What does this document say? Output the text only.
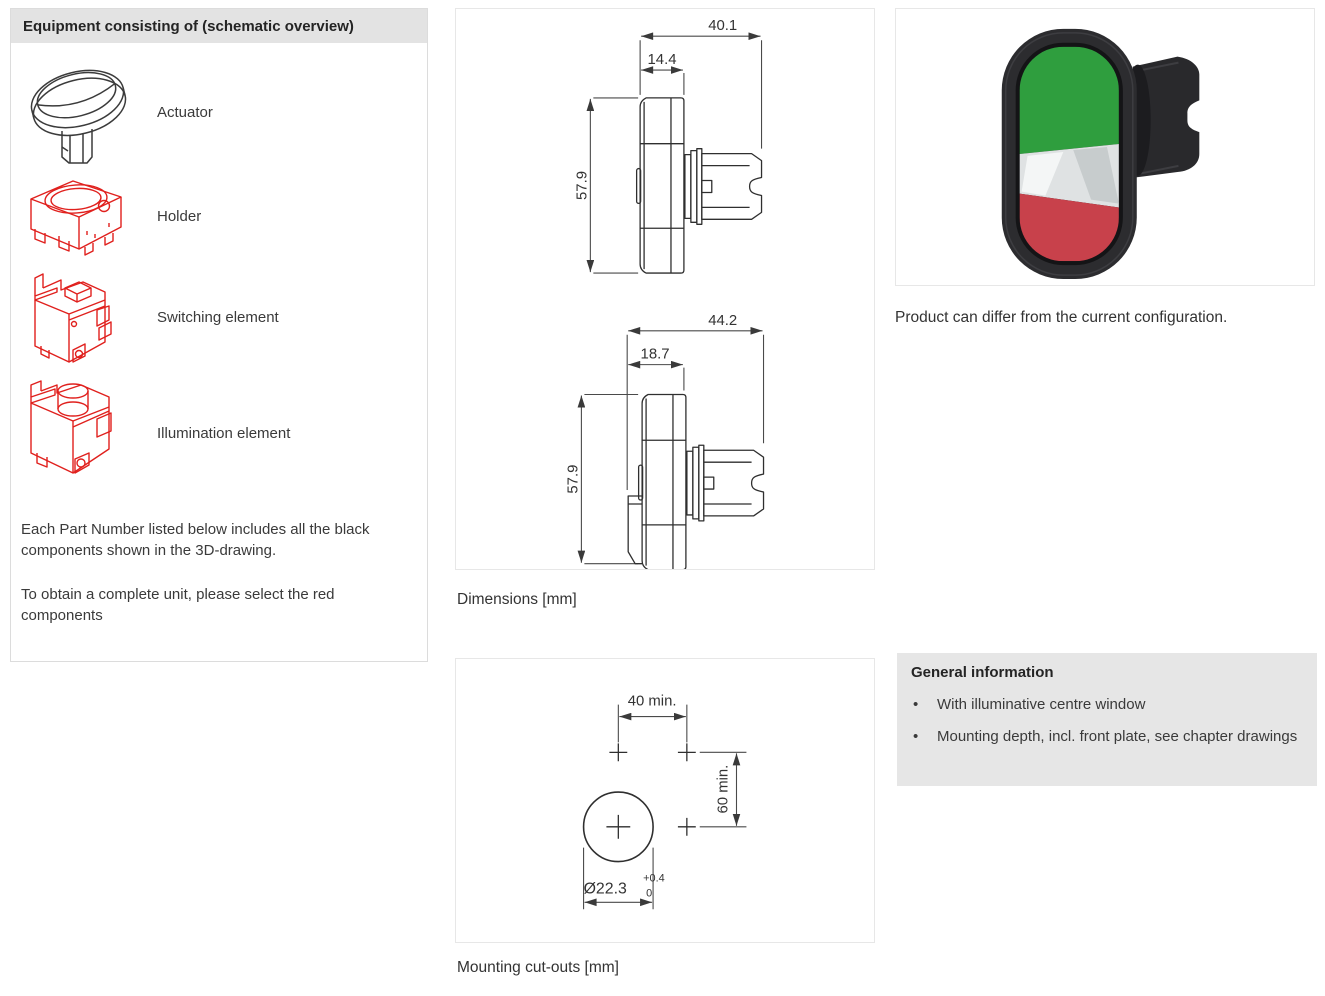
Equipment consisting of (schematic overview)
Actuator
Holder
Switching element
Illumination element

Each Part Number listed below includes all the black components shown in the 3D-drawing.

To obtain a complete unit, please select the red components

40.1
14.4
57.9
44.2
18.7
57.9
Dimensions [mm]
40 min.
60 min.
Ø22.3
+0.4
0
Mounting cut-outs [mm]
Product can differ from the current configuration.
General information
•	With illuminative centre window
•	Mounting depth, incl. front plate, see chapter drawings
